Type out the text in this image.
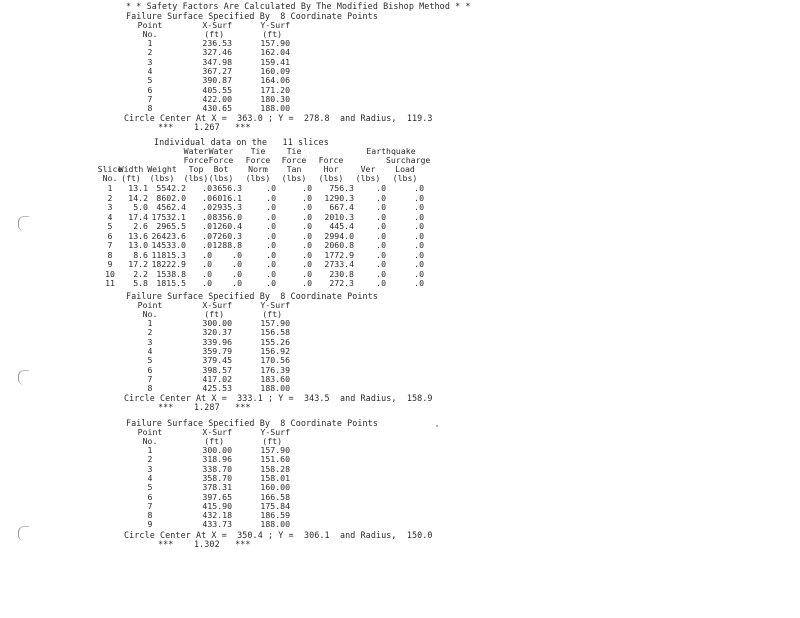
* * Safety Factors Are Calculated By The Modified Bishop Method * *
Failure Surface Specified By  8 Coordinate Points
Point	X-Surf	Y-Surf
No.	(ft)	(ft)
1	236.53	157.90
2	327.46	162.04
3	347.98	159.41
4	367.27	160.09
5	390.87	164.06
6	405.55	171.20
7	422.00	180.30
8	430.65	188.00
Circle Center At X =  363.0 ; Y =  278.8  and Radius,  119.3
***    1.267   ***
Failure Surface Specified By  8 Coordinate Points
Point	X-Surf	Y-Surf
No.	(ft)	(ft)
1	300.00	157.90
2	320.37	156.58
3	339.96	155.26
4	359.79	156.92
5	379.45	170.56
6	398.57	176.39
7	417.02	183.60
8	425.53	188.00
Circle Center At X =  333.1 ; Y =  343.5  and Radius,  158.9
***    1.287   ***
Failure Surface Specified By  8 Coordinate Points
Point	X-Surf	Y-Surf
No.	(ft)	(ft)
1	300.00	157.90
2	318.96	151.60
3	338.70	158.28
4	358.70	158.01
5	378.31	160.00
6	397.65	166.58
7	415.90	175.84
8	432.18	186.59
9	433.73	188.00
Circle Center At X =  350.4 ; Y =  306.1  and Radius,  150.0
***    1.302   ***
Individual data on the   11 slices
Water Water	Tie	Tie	Earthquake
Force Force	Force	Force	Force	Surcharge
Slice
Width Weight	Top	Bot	Norm	Tan	Hor	Ver	Load
No. (ft)	(lbs)	(lbs) (lbs)	(lbs)	(lbs)	(lbs)	(lbs)	(lbs)
1	13.1	5542.2	.0 3656.3	.0	.0	756.3	.0	.0
2	14.2	8602.0	.0 6016.1	.0	.0	1290.3	.0	.0
3	5.0	4562.4	.0 2935.3	.0	.0	667.4	.0	.0
4	17.4 17532.1	.0 8356.0	.0	.0	2010.3	.0	.0
5	2.6	2965.5	.0 1260.4	.0	.0	445.4	.0	.0
6	13.6 26423.6	.0 7260.3	.0	.0	2994.0	.0	.0
7	13.0 14533.0	.0 1288.8	.0	.0	2060.8	.0	.0
8	8.6 11815.3	.0	.0	.0	.0	1772.9	.0	.0
9	17.2 18222.9	.0	.0	.0	.0	2733.4	.0	.0
10	2.2	1538.8	.0	.0	.0	.0	230.8	.0	.0
11	5.8	1815.5	.0	.0	.0	.0	272.3	.0	.0
